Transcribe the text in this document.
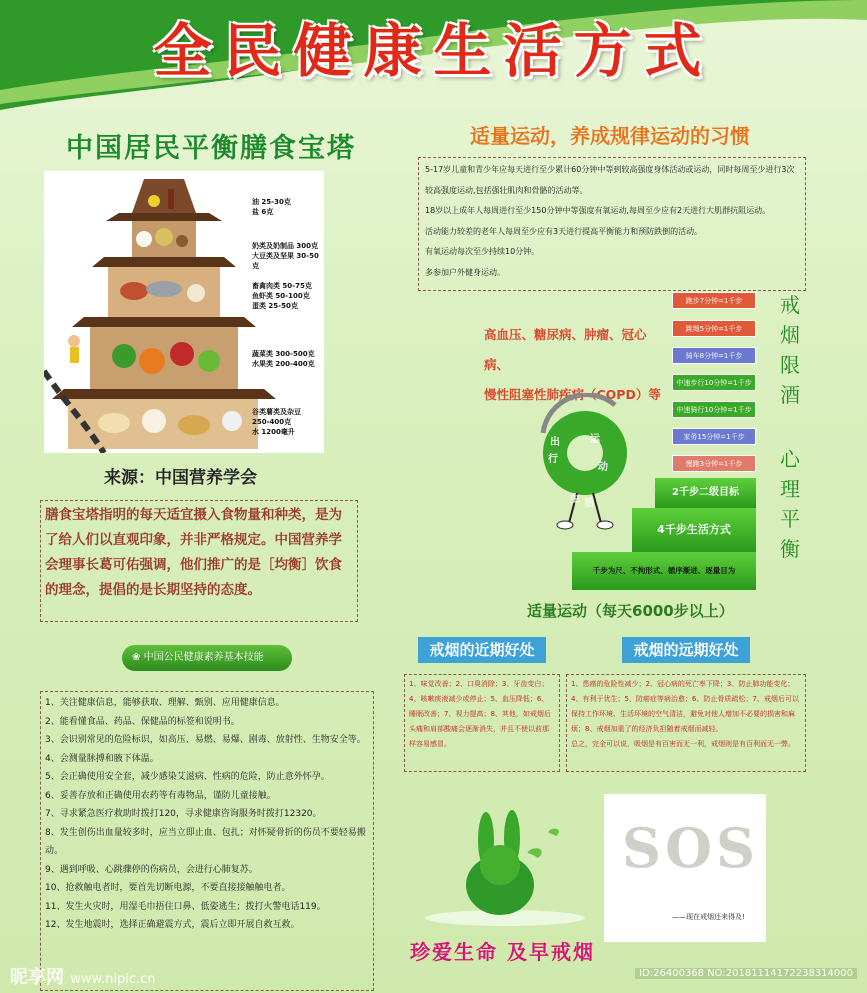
全民健康生活方式
中国居民平衡膳食宝塔
油 25-30克
盐 6克
奶类及奶制品 300克
大豆类及坚果 30-50克
畜禽肉类 50-75克
鱼虾类 50-100克
蛋类 25-50克
蔬菜类 300-500克
水果类 200-400克
谷类薯类及杂豆
250-400克
水 1200毫升
来源：中国营养学会
膳食宝塔指明的每天适宜摄入食物量和种类，是为了给人们以直观印象，并非严格规定。中国营养学会理事长葛可佑强调，他们推广的是［均衡］饮食的理念，提倡的是长期坚持的态度。
❀ 中国公民健康素养基本技能

1、关注健康信息，能够获取、理解、甄别、应用健康信息。

2、能看懂食品、药品、保健品的标签和说明书。

3、会识别常见的危险标识，如高压、易燃、易爆、剧毒、放射性、生物安全等。

4、会测量脉搏和腋下体温。

5、会正确使用安全套，减少感染艾滋病、性病的危险，防止意外怀孕。

6、妥善存放和正确使用农药等有毒物品，谨防儿童接触。

7、寻求紧急医疗救助时拨打120，寻求健康咨询服务时拨打12320。

8、发生创伤出血量较多时，应当立即止血、包扎；对怀疑骨折的伤员不要轻易搬动。

9、遇到呼吸、心跳骤停的伤病员，会进行心肺复苏。

10、抢救触电者时，要首先切断电源，不要直接接触触电者。

11、发生火灾时，用湿毛巾捂住口鼻、低姿逃生；拨打火警电话119。

12、发生地震时，选择正确避震方式，震后立即开展自救互救。

适量运动，养成规律运动的习惯

5-17岁儿童和青少年应每天进行至少累计60分钟中等到较高强度身体活动或运动，同时每周至少进行3次较高强度运动,包括强壮肌肉和骨骼的活动等。

18岁以上成年人每周进行至少150分钟中等强度有氧运动,每周至少应有2天进行大肌群抗阻运动。

活动能力较差的老年人每周至少应有3天进行提高平衡能力和预防跌倒的活动。

有氧运动每次至少持续10分钟。

多参加户外健身运动。

高血压、糖尿病、肿瘤、冠心病、
慢性阻塞性肺疾病（COPD）等
出
行
运
动
生 活
跑步7分钟=1千步
跳绳5分钟=1千步
骑车8分钟=1千步
中速步行10分钟=1千步
中速骑行10分钟=1千步
家务15分钟=1千步
慢跑3分钟=1千步
2千步二级目标
4千步生活方式
千步为尺、不拘形式、循序渐进、逐量目为
戒烟限酒
心理平衡
适量运动（每天6000步以上）
戒烟的近期好处	戒烟的远期好处

1、味觉改善；2、口臭消除；3、牙齿变白；4、咳嗽痰液减少或停止；5、血压降低；6、睡眠改善；7、视力提高；8、其他，如戒烟后头痛和肩部酸痛会逐渐消失，并且不使以前那样容易感冒。

1、患癌的危险性减少；2、冠心病的死亡率下降；3、防止肺功能变化；4、有利于优生；5、防癌症等病治愈；6、防止骨质疏松；7、戒烟后可以保持工作环境、生活环境的空气清洁，避免对他人增加不必要的损害和麻烦；8、戒烟加重了的经济负担随着戒烟而减轻。

总之，完全可以说，吸烟是有百害而无一利，戒烟则是有百利而无一弊。

珍爱生命 及早戒烟
SOS
——现在戒烟还来得及!
昵享网 www.nipic.cn	ID:26400368 NO:20181114172238314000
